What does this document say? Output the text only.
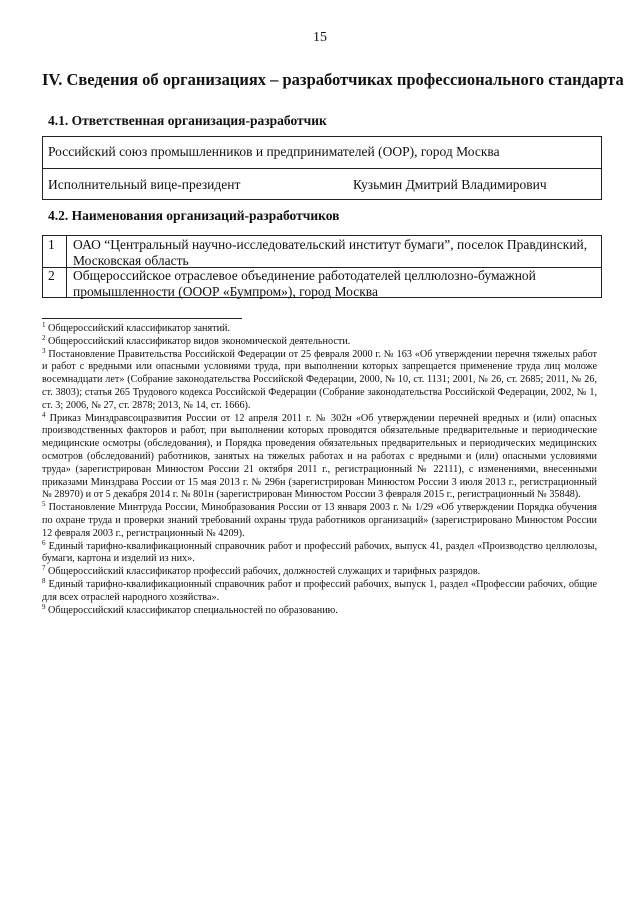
15
IV. Сведения об организациях – разработчиках профессионального стандарта
4.1. Ответственная организация-разработчик
Российский союз промышленников и предпринимателей (ООР), город Москва
Исполнительный вице-президент	Кузьмин Дмитрий Владимирович
4.2. Наименования организаций-разработчиков
1 ОАО “Центральный научно-исследовательский институт бумаги”, поселок Правдинский, Московская область
2 Общероссийское отраслевое объединение работодателей целлюлозно-бумажной промышленности (ОООР «Бумпром»), город Москва

$^1$ Общероссийский классификатор занятий.

$^2$ Общероссийский классификатор видов экономической деятельности.

$^3$ Постановление Правительства Российской Федерации от 25 февраля 2000 г. № 163 «Об утверждении перечня тяжелых работ и работ с вредными или опасными условиями труда, при выполнении которых запрещается применение труда лиц моложе восемнадцати лет» (Собрание законодательства Российской Федерации, 2000, № 10, ст. 1131; 2001, № 26, ст. 2685; 2011, № 26, ст. 3803); статья 265 Трудового кодекса Российской Федерации (Собрание законодательства Российской Федерации, 2002, № 1, ст. 3; 2006, № 27, ст. 2878; 2013, № 14, ст. 1666).

$^4$ Приказ Минздравсоцразвития России от 12 апреля 2011 г. № 302н «Об утверждении перечней вредных и (или) опасных производственных факторов и работ, при выполнении которых проводятся обязательные предварительные и периодические медицинские осмотры (обследования), и Порядка проведения обязательных предварительных и периодических медицинских осмотров (обследований) работников, занятых на тяжелых работах и на работах с вредными и (или) опасными условиями труда» (зарегистрирован Минюстом России 21 октября 2011 г., регистрационный № 22111), с изменениями, внесенными приказами Минздрава России от 15 мая 2013 г. № 296н (зарегистрирован Минюстом России 3 июля 2013 г., регистрационный № 28970) и от 5 декабря 2014 г. № 801н (зарегистрирован Минюстом России 3 февраля 2015 г., регистрационный № 35848).

$^5$ Постановление Минтруда России, Минобразования России от 13 января 2003 г. № 1/29 «Об утверждении Порядка обучения по охране труда и проверки знаний требований охраны труда работников организаций» (зарегистрировано Минюстом России 12 февраля 2003 г., регистрационный № 4209).

$^6$ Единый тарифно-квалификационный справочник работ и профессий рабочих, выпуск 41, раздел «Производство целлюлозы, бумаги, картона и изделий из них».

$^7$ Общероссийский классификатор профессий рабочих, должностей служащих и тарифных разрядов.

$^8$ Единый тарифно-квалификационный справочник работ и профессий рабочих, выпуск 1, раздел «Профессии рабочих, общие для всех отраслей народного хозяйства».

$^9$ Общероссийский классификатор специальностей по образованию.
